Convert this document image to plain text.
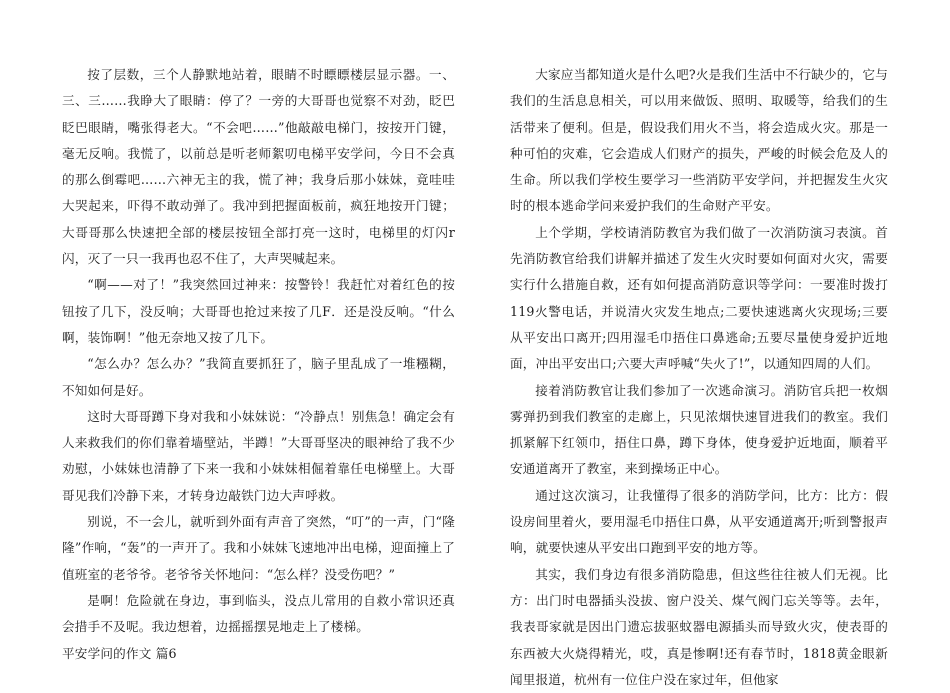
按了层数，三个人静默地站着，眼睛不时瞟瞟楼层显示器。一、三、三……我睁大了眼睛：停了？一旁的大哥哥也觉察不对劲，眨巴眨巴眼睛，嘴张得老大。“不会吧……”他敲敲电梯门，按按开门键，毫无反响。我慌了，以前总是听老师絮叨电梯平安学问，今日不会真的那么倒霉吧……六神无主的我，慌了神；我身后那小妹妹，竟哇哇大哭起来，吓得不敢动弹了。我冲到把握面板前，疯狂地按开门键；大哥哥那么快速把全部的楼层按钮全部打亮一这时，电梯里的灯闪r闪，灭了一只一我再也忍不住了，大声哭喊起来。

“啊——对了！”我突然回过神来：按警铃！我赶忙对着红色的按钮按了几下，没反响；大哥哥也抢过来按了几F．还是没反响。“什么啊，装饰啊！”他无奈地又按了几下。

“怎么办？怎么办？”我简直要抓狂了，脑子里乱成了一堆糨糊，不知如何是好。

这时大哥哥蹲下身对我和小妹妹说：“冷静点！别焦急！确定会有人来救我们的你们靠着墙壁站，半蹲！”大哥哥坚决的眼神给了我不少劝慰，小妹妹也清静了下来一我和小妹妹相倔着靠任电梯壁上。大哥哥见我们冷静下来，才转身边敲铁门边大声呼救。

别说，不一会儿，就听到外面有声音了突然，“叮”的一声，门“隆隆”作响，“轰”的一声开了。我和小妹妹飞速地冲出电梯，迎面撞上了值班室的老爷爷。老爷爷关怀地问：“怎么样？没受伤吧？”

是啊！危险就在身边，事到临头，没点儿常用的自救小常识还真会措手不及呢。我边想着，边摇摇摆晃地走上了楼梯。

平安学问的作文 篇6

大家应当都知道火是什么吧?火是我们生活中不行缺少的，它与我们的生活息息相关，可以用来做饭、照明、取暖等，给我们的生活带来了便利。但是，假设我们用火不当，将会造成火灾。那是一种可怕的灾难，它会造成人们财产的损失，严峻的时候会危及人的生命。所以我们学校生要学习一些消防平安学问，并把握发生火灾时的根本逃命学问来爱护我们的生命财产平安。

上个学期，学校请消防教官为我们做了一次消防演习表演。首先消防教官给我们讲解并描述了发生火灾时要如何面对火灾，需要实行什么措施自救，还有如何提高消防意识等学问：一要准时拨打119火警电话，并说清火灾发生地点;二要快速逃离火灾现场;三要从平安出口离开;四用湿毛巾捂住口鼻逃命;五要尽量使身爱护近地面，冲出平安出口;六要大声呼喊“失火了!”，以通知四周的人们。

接着消防教官让我们参加了一次逃命演习。消防官兵把一枚烟雾弹扔到我们教室的走廊上，只见浓烟快速冒进我们的教室。我们抓紧解下红领巾，捂住口鼻，蹲下身体，使身爱护近地面，顺着平安通道离开了教室，来到操场正中心。

通过这次演习，让我懂得了很多的消防学问，比方：比方：假设房间里着火，要用湿毛巾捂住口鼻，从平安通道离开;听到警报声响，就要快速从平安出口跑到平安的地方等。

其实，我们身边有很多消防隐患，但这些往往被人们无视。比方：出门时电器插头没拔、窗户没关、煤气阀门忘关等等。去年，我表哥家就是因出门遗忘拔驱蚊器电源插头而导致火灾，使表哥的东西被大火烧得精光，哎，真是惨啊!还有春节时，1818黄金眼新闻里报道，杭州有一位住户没在家过年，但他家
